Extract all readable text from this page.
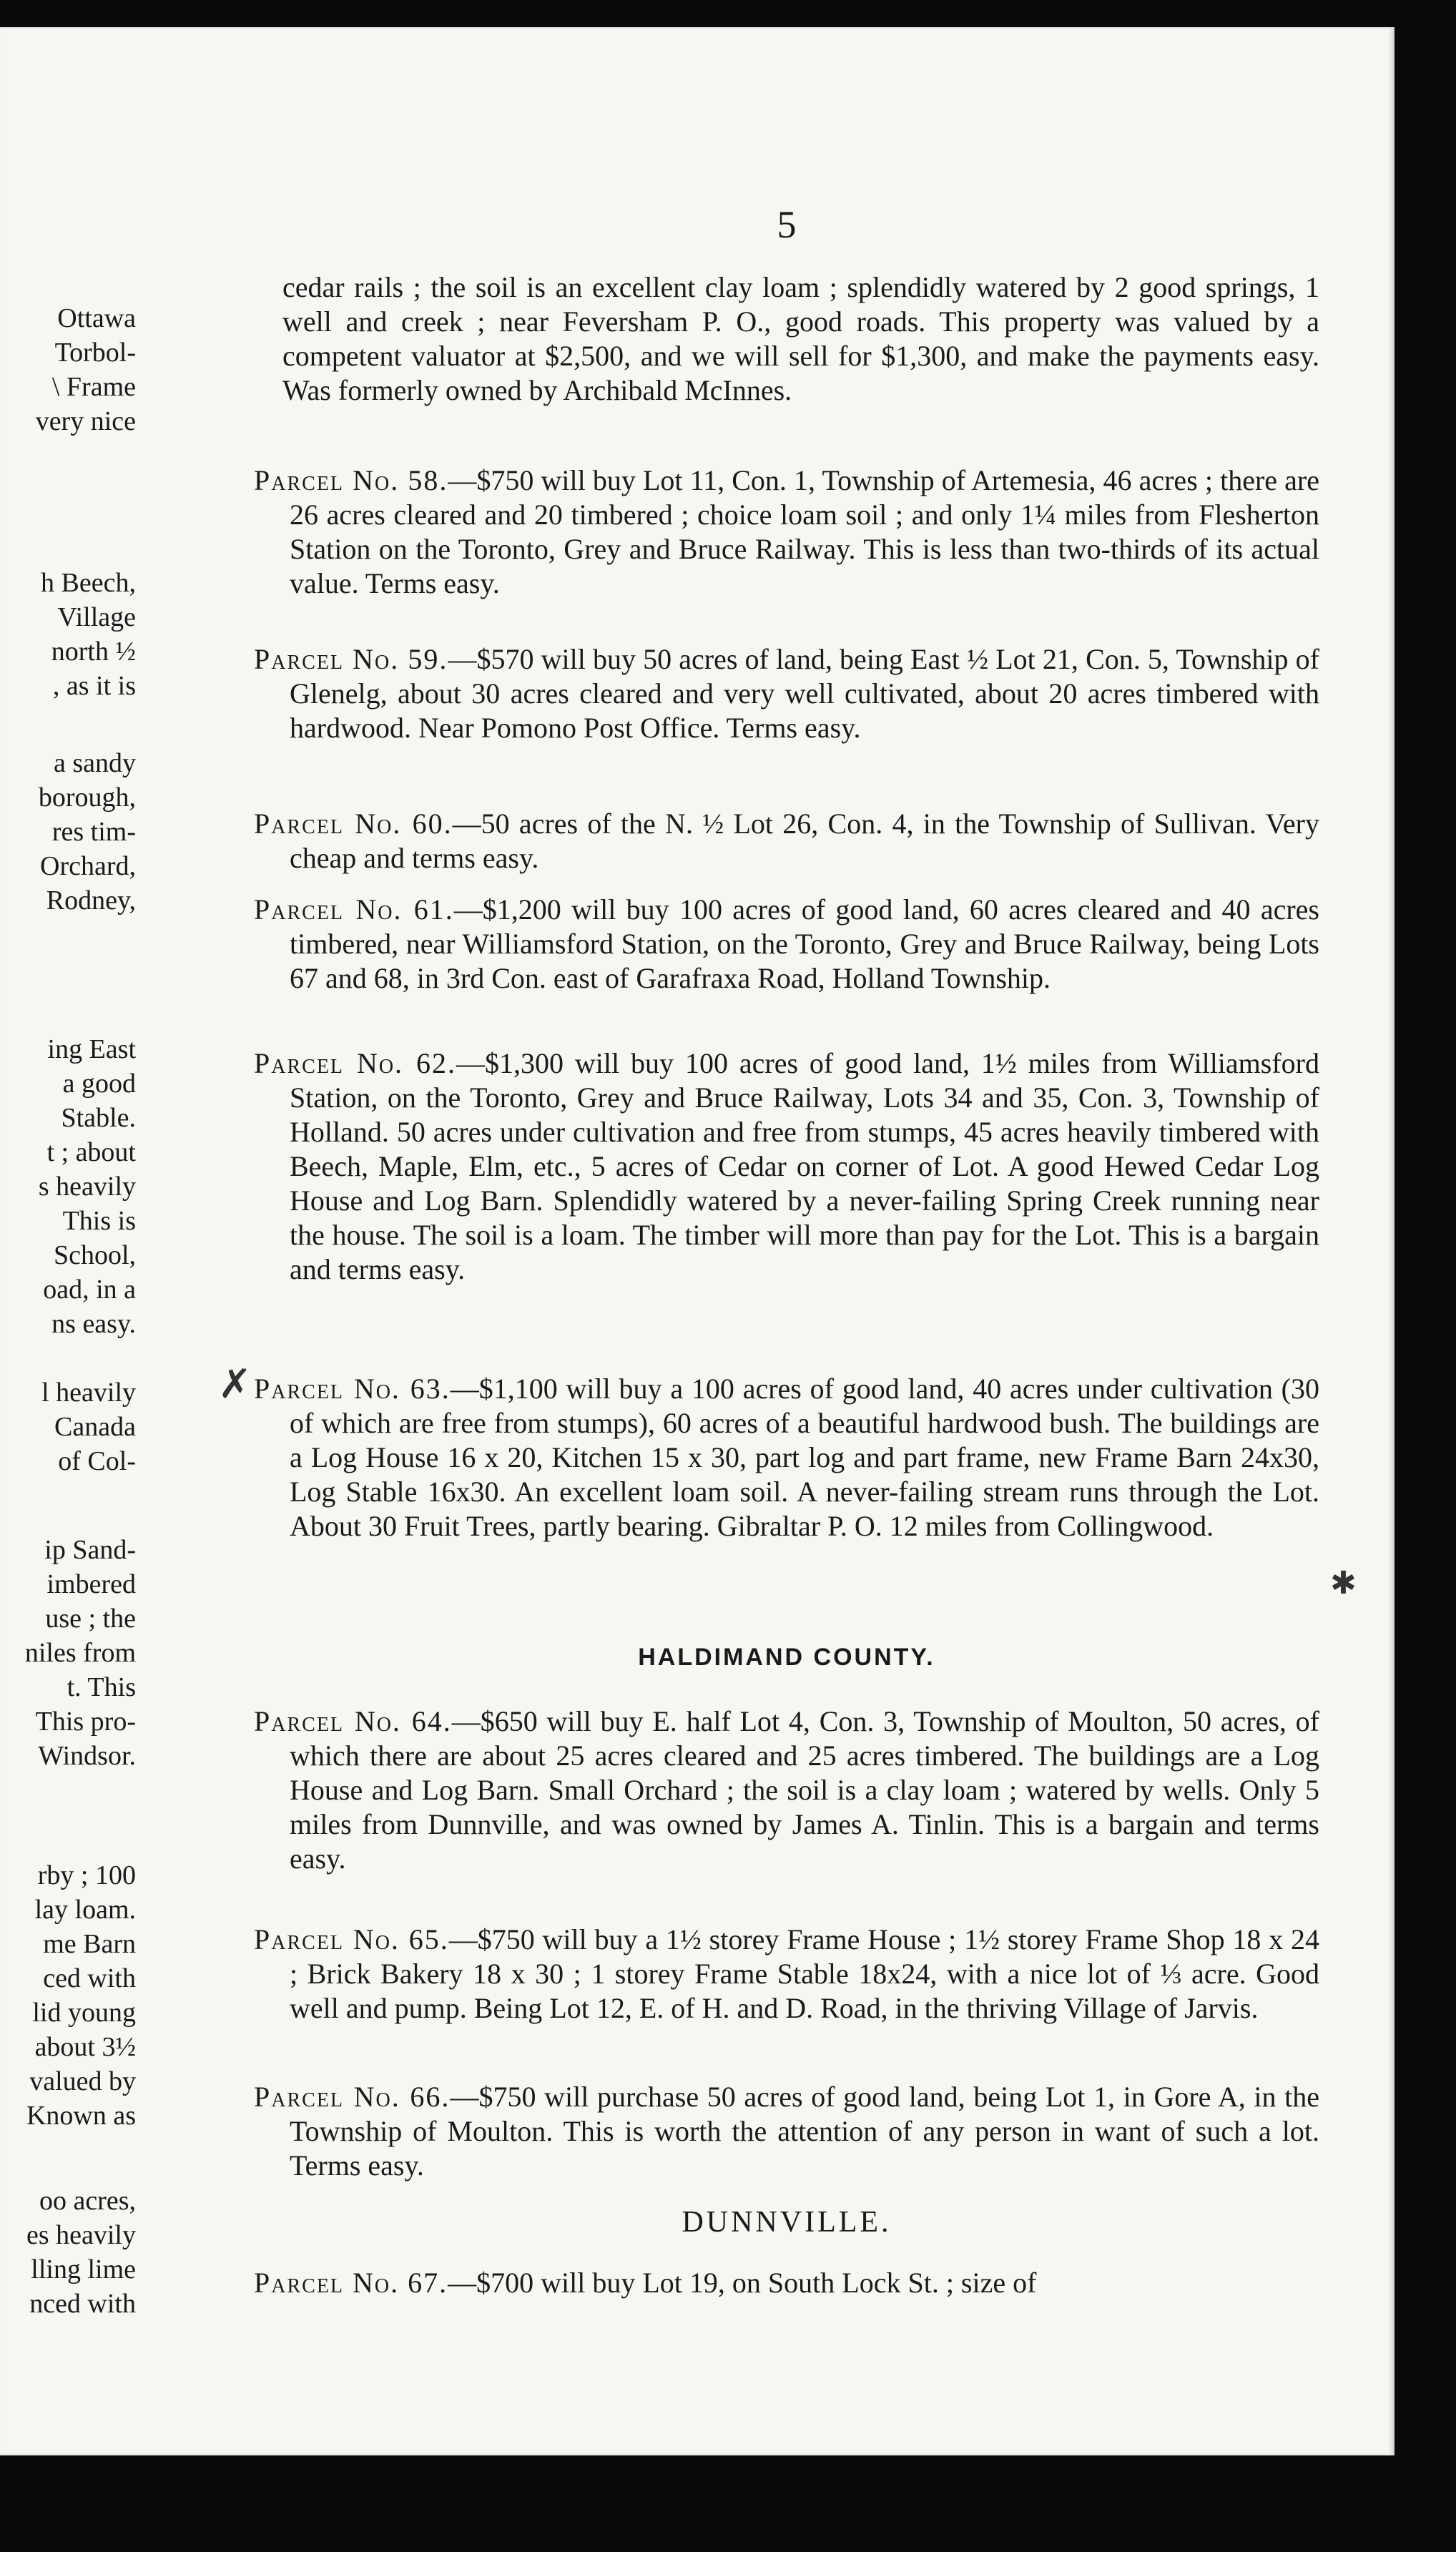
5
Ottawa
Torbol-
\ Frame
very nice
h Beech,
Village
north ½
, as it is
a sandy
borough,
res tim-
Orchard,
Rodney,
ing East
a good
Stable.
t ; about
s heavily
This is
School,
oad, in a
ns easy.
l heavily
Canada
of Col-
ip Sand-
imbered
use ; the
niles from
t. This
This pro-
Windsor.
rby ; 100
lay loam.
me Barn
ced with
lid young
about 3½
valued by
Known as
oo acres,
es heavily
lling lime
nced with
cedar rails ; the soil is an excellent clay loam ; splendidly watered by 2 good springs, 1 well and creek ; near Feversham P. O., good roads. This property was valued by a competent valuator at $2,500, and we will sell for $1,300, and make the payments easy. Was formerly owned by Archibald McInnes.
Parcel No. 58.—$750 will buy Lot 11, Con. 1, Township of Artemesia, 46 acres ; there are 26 acres cleared and 20 timbered ; choice loam soil ; and only 1¼ miles from Flesherton Station on the Toronto, Grey and Bruce Railway. This is less than two-thirds of its actual value. Terms easy.
Parcel No. 59.—$570 will buy 50 acres of land, being East ½ Lot 21, Con. 5, Township of Glenelg, about 30 acres cleared and very well cultivated, about 20 acres timbered with hardwood. Near Pomono Post Office. Terms easy.
Parcel No. 60.—50 acres of the N. ½ Lot 26, Con. 4, in the Township of Sullivan. Very cheap and terms easy.
Parcel No. 61.—$1,200 will buy 100 acres of good land, 60 acres cleared and 40 acres timbered, near Williamsford Station, on the Toronto, Grey and Bruce Railway, being Lots 67 and 68, in 3rd Con. east of Garafraxa Road, Holland Township.
Parcel No. 62.—$1,300 will buy 100 acres of good land, 1½ miles from Williamsford Station, on the Toronto, Grey and Bruce Railway, Lots 34 and 35, Con. 3, Township of Holland. 50 acres under cultivation and free from stumps, 45 acres heavily timbered with Beech, Maple, Elm, etc., 5 acres of Cedar on corner of Lot. A good Hewed Cedar Log House and Log Barn. Splendidly watered by a never-failing Spring Creek running near the house. The soil is a loam. The timber will more than pay for the Lot. This is a bargain and terms easy.
✗ Parcel No. 63.—$1,100 will buy a 100 acres of good land, 40 acres under cultivation (30 of which are free from stumps), 60 acres of a beautiful hardwood bush. The buildings are a Log House 16 x 20, Kitchen 15 x 30, part log and part frame, new Frame Barn 24x30, Log Stable 16x30. An excellent loam soil. A never-failing stream runs through the Lot. About 30 Fruit Trees, partly bearing. Gibraltar P. O. 12 miles from Collingwood.
✱
HALDIMAND COUNTY.
Parcel No. 64.—$650 will buy E. half Lot 4, Con. 3, Township of Moulton, 50 acres, of which there are about 25 acres cleared and 25 acres timbered. The buildings are a Log House and Log Barn. Small Orchard ; the soil is a clay loam ; watered by wells. Only 5 miles from Dunnville, and was owned by James A. Tinlin. This is a bargain and terms easy.
Parcel No. 65.—$750 will buy a 1½ storey Frame House ; 1½ storey Frame Shop 18 x 24 ; Brick Bakery 18 x 30 ; 1 storey Frame Stable 18x24, with a nice lot of ⅓ acre. Good well and pump. Being Lot 12, E. of H. and D. Road, in the thriving Village of Jarvis.
Parcel No. 66.—$750 will purchase 50 acres of good land, being Lot 1, in Gore A, in the Township of Moulton. This is worth the attention of any person in want of such a lot. Terms easy.
DUNNVILLE.
Parcel No. 67.—$700 will buy Lot 19, on South Lock St. ; size of
